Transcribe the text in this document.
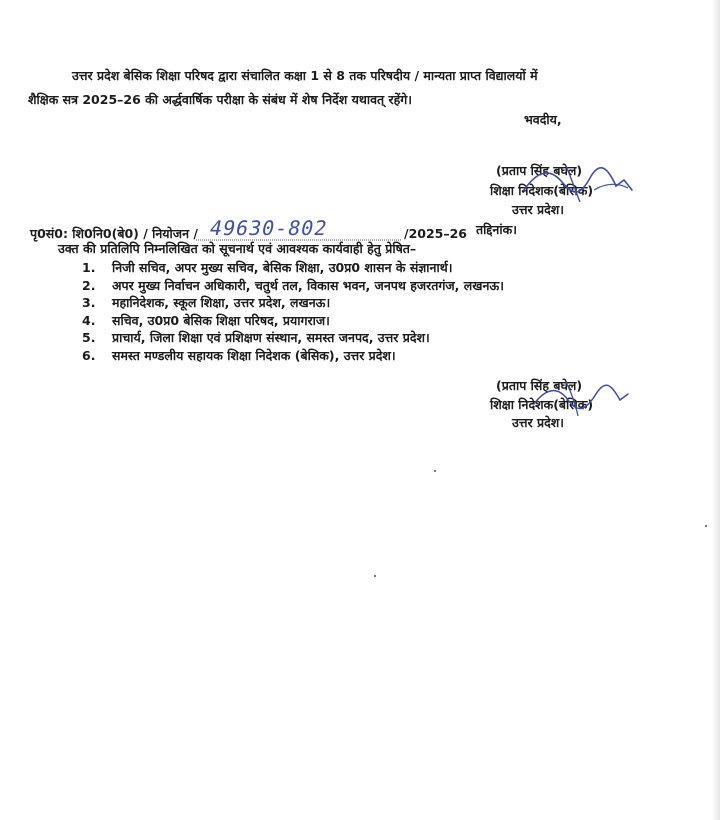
उत्तर प्रदेश बेसिक शिक्षा परिषद द्वारा संचालित कक्षा 1 से 8 तक परिषदीय / मान्यता प्राप्त विद्यालयों में
शैक्षिक सत्र 2025–26 की अर्द्धवार्षिक परीक्षा के संबंध में शेष निर्देश यथावत् रहेंगे।
भवदीय,
(प्रताप सिंह बघेल)
शिक्षा निदेशक(बेसिक)
उत्तर प्रदेश।
पृ0सं0: शि0नि0(बे0) / नियोजन / 49630-802	/2025–26 तद्दिनांक।
उक्त की प्रतिलिपि निम्नलिखित को सूचनार्थ एवं आवश्यक कार्यवाही हेतु प्रेषित–
1. निजी सचिव, अपर मुख्य सचिव, बेसिक शिक्षा, उ0प्र0 शासन के संज्ञानार्थ।
2. अपर मुख्य निर्वाचन अधिकारी, चतुर्थ तल, विकास भवन, जनपथ हजरतगंज, लखनऊ।
3. महानिदेशक, स्कूल शिक्षा, उत्तर प्रदेश, लखनऊ।
4. सचिव, उ0प्र0 बेसिक शिक्षा परिषद, प्रयागराज।
5. प्राचार्य, जिला शिक्षा एवं प्रशिक्षण संस्थान, समस्त जनपद, उत्तर प्रदेश।
6. समस्त मण्डलीय सहायक शिक्षा निदेशक (बेसिक), उत्तर प्रदेश।
(प्रताप सिंह बघेल)
शिक्षा निदेशक(बेसिक)
उत्तर प्रदेश।
